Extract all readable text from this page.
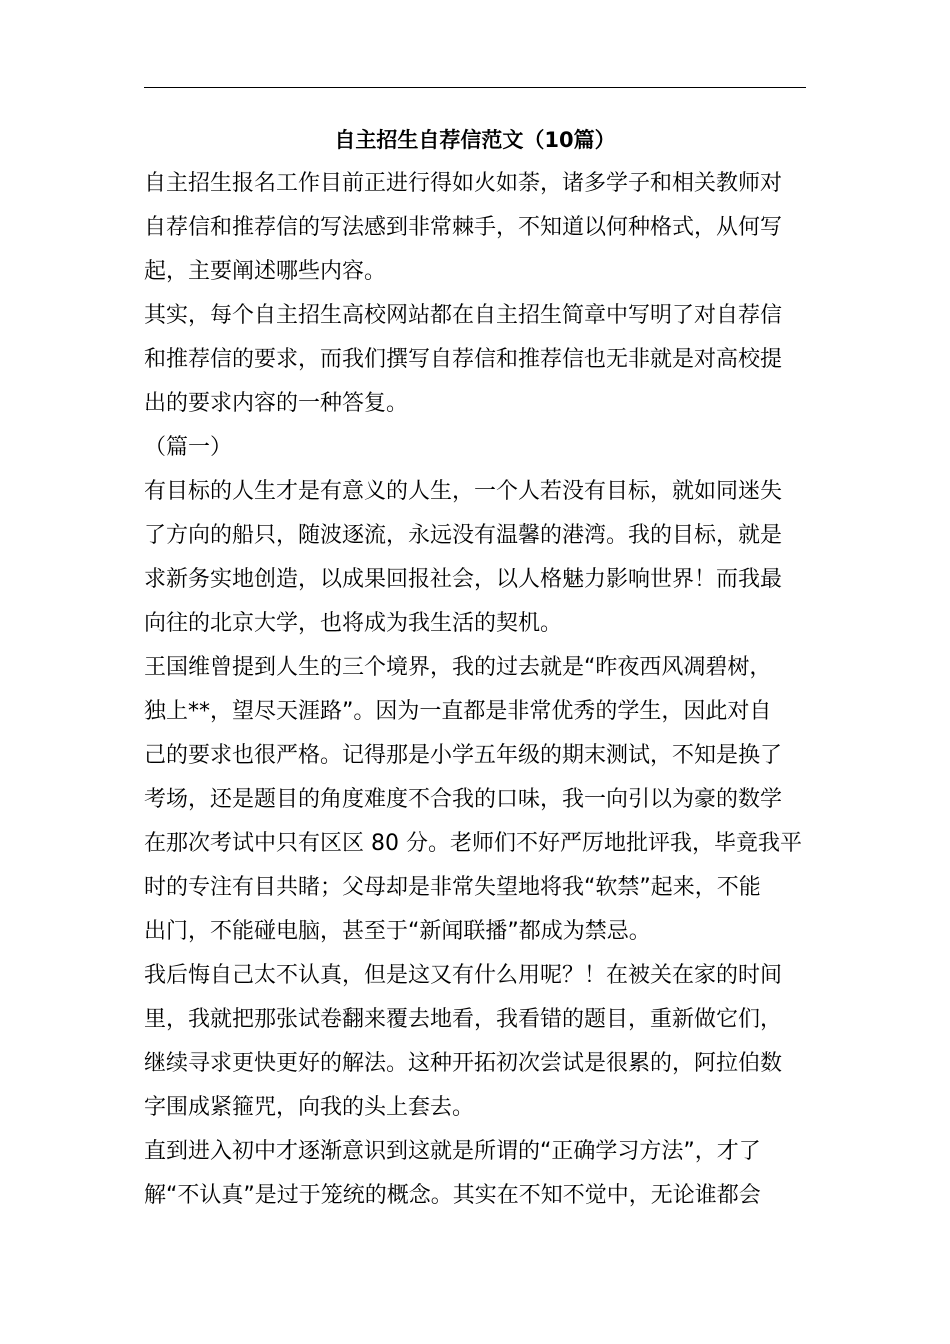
自主招生自荐信范文（10篇）
自主招生报名工作目前正进行得如火如荼，诸多学子和相关教师对
自荐信和推荐信的写法感到非常棘手，不知道以何种格式，从何写
起，主要阐述哪些内容。
其实，每个自主招生高校网站都在自主招生简章中写明了对自荐信
和推荐信的要求，而我们撰写自荐信和推荐信也无非就是对高校提
出的要求内容的一种答复。
（篇一）
有目标的人生才是有意义的人生，一个人若没有目标，就如同迷失
了方向的船只，随波逐流，永远没有温馨的港湾。我的目标，就是
求新务实地创造，以成果回报社会，以人格魅力影响世界！而我最
向往的北京大学，也将成为我生活的契机。
王国维曾提到人生的三个境界，我的过去就是“昨夜西风凋碧树，
独上**，望尽天涯路”。因为一直都是非常优秀的学生，因此对自
己的要求也很严格。记得那是小学五年级的期末测试，不知是换了
考场，还是题目的角度难度不合我的口味，我一向引以为豪的数学
在那次考试中只有区区 80 分。老师们不好严厉地批评我，毕竟我平
时的专注有目共睹；父母却是非常失望地将我“软禁”起来，不能
出门，不能碰电脑，甚至于“新闻联播”都成为禁忌。
我后悔自己太不认真，但是这又有什么用呢？！在被关在家的时间
里，我就把那张试卷翻来覆去地看，我看错的题目，重新做它们，
继续寻求更快更好的解法。这种开拓初次尝试是很累的，阿拉伯数
字围成紧箍咒，向我的头上套去。
直到进入初中才逐渐意识到这就是所谓的“正确学习方法”，才了
解“不认真”是过于笼统的概念。其实在不知不觉中，无论谁都会
